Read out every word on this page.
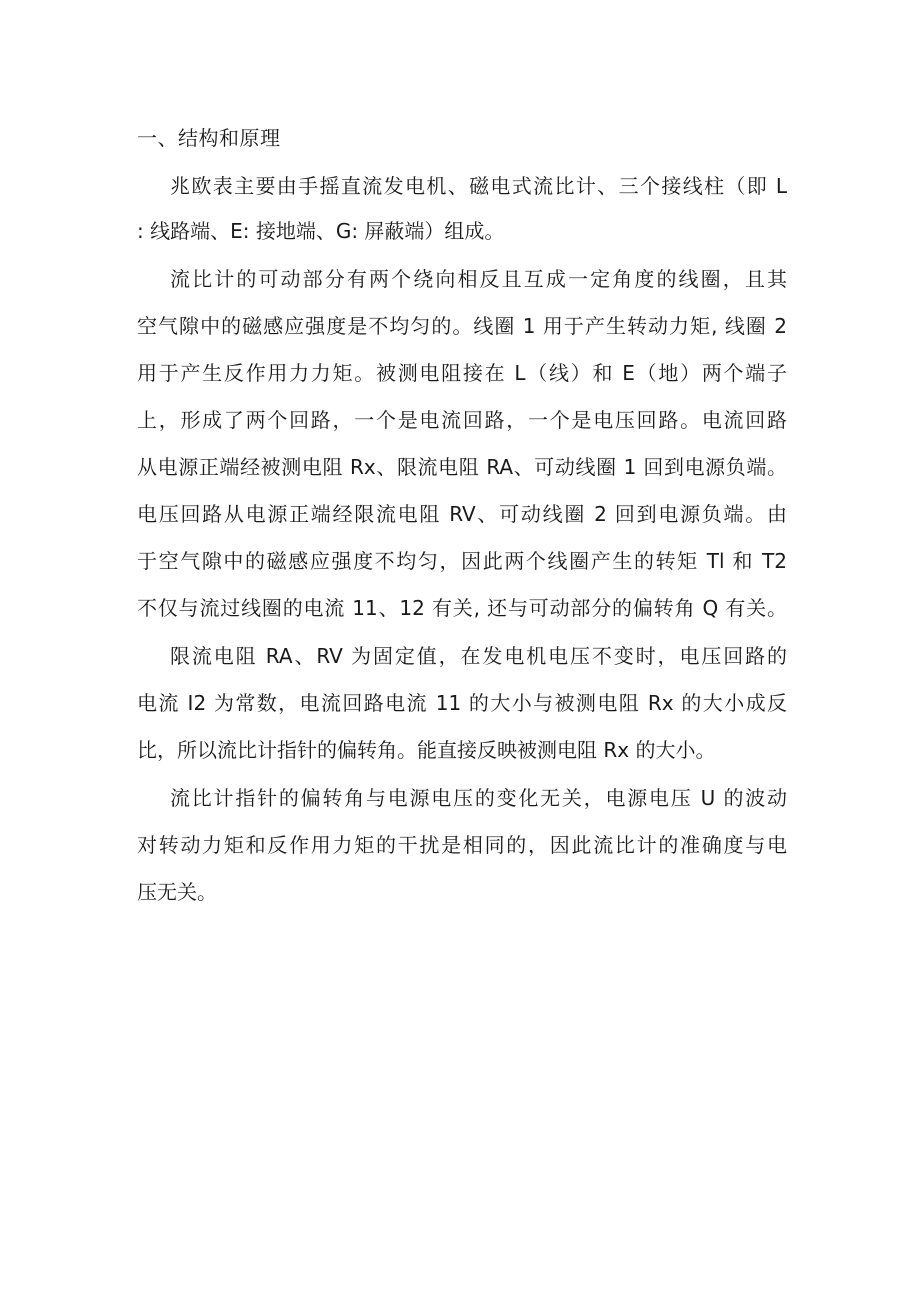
一、结构和原理
兆欧表主要由手摇直流发电机、磁电式流比计、三个接线柱（即 L
: 线路端、E: 接地端、G: 屏蔽端）组成。
流比计的可动部分有两个绕向相反且互成一定角度的线圈，且其
空气隙中的磁感应强度是不均匀的。线圈 1 用于产生转动力矩, 线圈 2
用于产生反作用力力矩。被测电阻接在 L（线）和 E（地）两个端子
上，形成了两个回路，一个是电流回路，一个是电压回路。电流回路
从电源正端经被测电阻 Rx、限流电阻 RA、可动线圈 1 回到电源负端。
电压回路从电源正端经限流电阻 RV、可动线圈 2 回到电源负端。由
于空气隙中的磁感应强度不均匀，因此两个线圈产生的转矩 Tl 和 T2
不仅与流过线圈的电流 11、12 有关, 还与可动部分的偏转角 Q 有关。
限流电阻 RA、RV 为固定值，在发电机电压不变时，电压回路的
电流 I2 为常数，电流回路电流 11 的大小与被测电阻 Rx 的大小成反
比，所以流比计指针的偏转角。能直接反映被测电阻 Rx 的大小。
流比计指针的偏转角与电源电压的变化无关，电源电压 U 的波动
对转动力矩和反作用力矩的干扰是相同的，因此流比计的准确度与电
压无关。
